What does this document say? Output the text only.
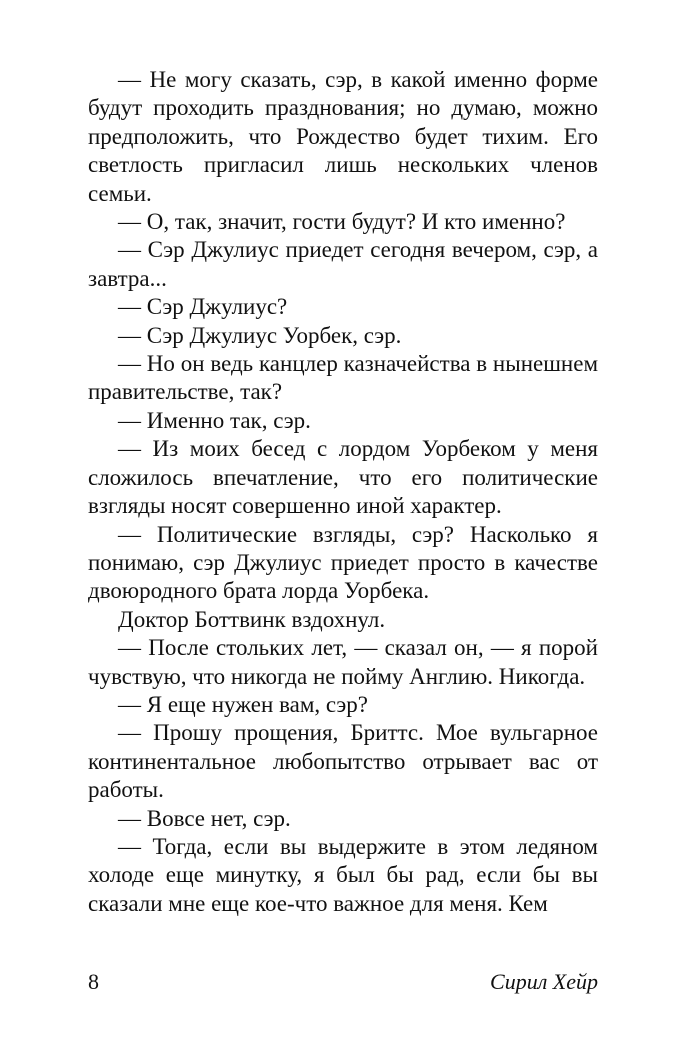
— Не могу сказать, сэр, в какой именно форме будут проходить празднования; но думаю, можно предположить, что Рождество будет тихим. Его светлость пригласил лишь нескольких членов семьи.

— О, так, значит, гости будут? И кто именно?

— Сэр Джулиус приедет сегодня вечером, сэр, а завтра...

— Сэр Джулиус?

— Сэр Джулиус Уорбек, сэр.

— Но он ведь канцлер казначейства в нынешнем правительстве, так?

— Именно так, сэр.

— Из моих бесед с лордом Уорбеком у меня сложилось впечатление, что его политические взгляды носят совершенно иной характер.

— Политические взгляды, сэр? Насколько я понимаю, сэр Джулиус приедет просто в качестве двоюродного брата лорда Уорбека.

Доктор Боттвинк вздохнул.

— После стольких лет, — сказал он, — я порой чувствую, что никогда не пойму Англию. Никогда.

— Я еще нужен вам, сэр?

— Прошу прощения, Бриттс. Мое вульгарное континентальное любопытство отрывает вас от работы.

— Вовсе нет, сэр.

— Тогда, если вы выдержите в этом ледяном холоде еще минутку, я был бы рад, если бы вы сказали мне еще кое-что важное для меня. Кем

8	Сирил Хейр
